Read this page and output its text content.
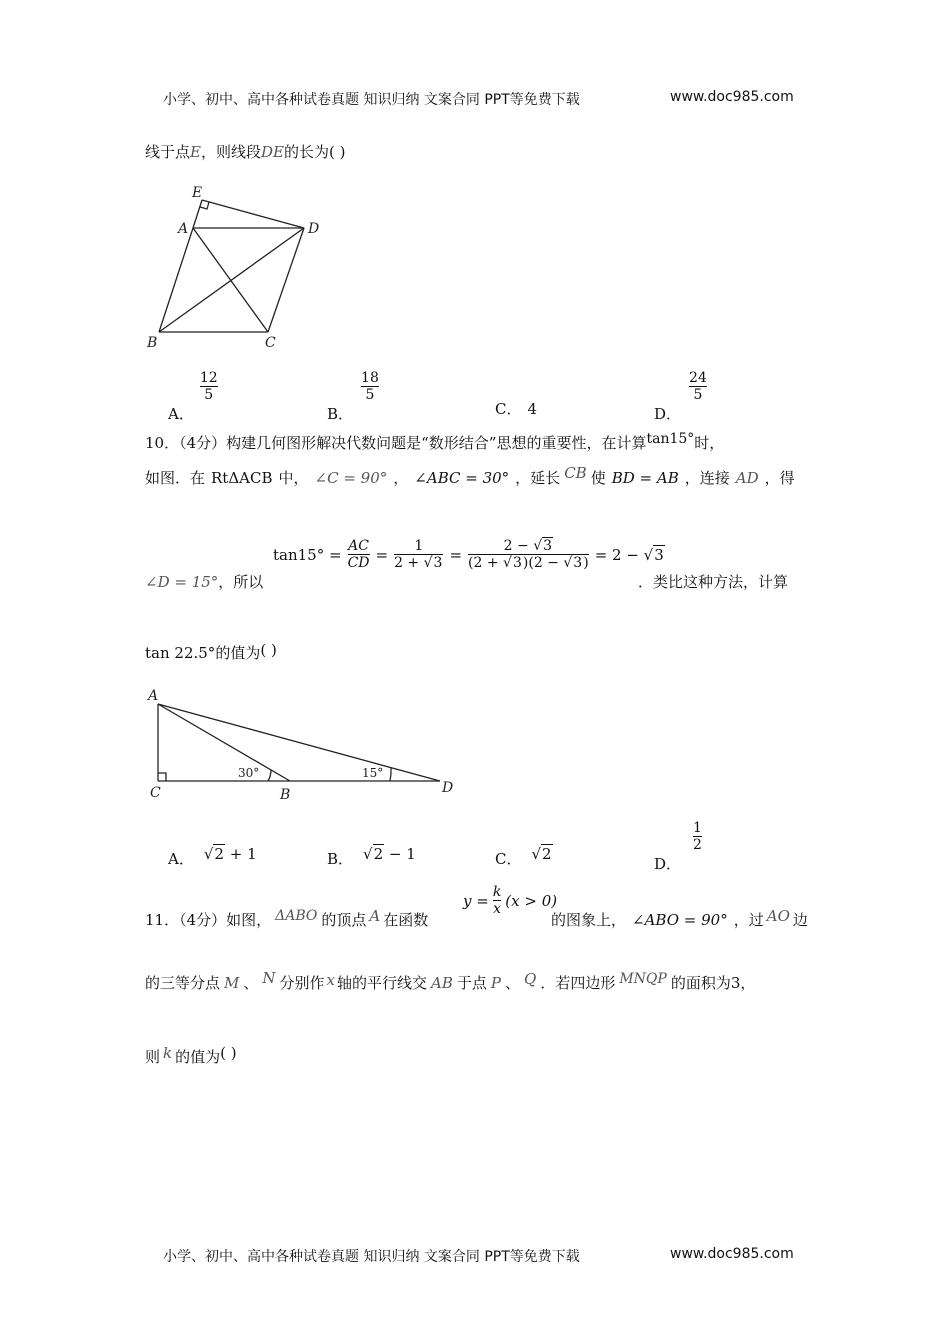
小学、初中、高中各种试卷真题 知识归纳 文案合同 PPT等免费下载	www.doc985.com
线于点E，则线段DE的长为( )
E
A	D
B	C
A．
$\frac{12}{5}$
B．
$\frac{18}{5}$
C． 4	D．
$\frac{24}{5}$
10．（4分）构建几何图形解决代数问题是“数形结合”思想的重要性，在计算tan15°时，
如图．在 RtΔACB 中， ∠C = 90° ， ∠ABC = 30° ，延长 CB 使 BD = AB ，连接 AD ，得
∠D = 15°，所以
$\tan 15^\circ = \frac{AC}{CD} = \frac{1}{2 + √3} = \frac{2 - √3}{(2 + √3)(2 - √3)} = 2 - √3$
．类比这种方法，计算
tan 22.5°的值为( )
A
C	B	D
30°	15°
A． √2 + 1	B． √2 − 1	C． √2
D．
$\frac{1}{2}$
11．（4分）如图， ΔABO 的顶点 A 在函数
$y = \frac{k}{x} (x > 0)$
的图象上， ∠ABO = 90° ，过 AO 边
的三等分点 M 、 N 分别作 x 轴的平行线交 AB 于点 P 、 Q ．若四边形 MNQP 的面积为3，
则 k 的值为( )
小学、初中、高中各种试卷真题 知识归纳 文案合同 PPT等免费下载	www.doc985.com
